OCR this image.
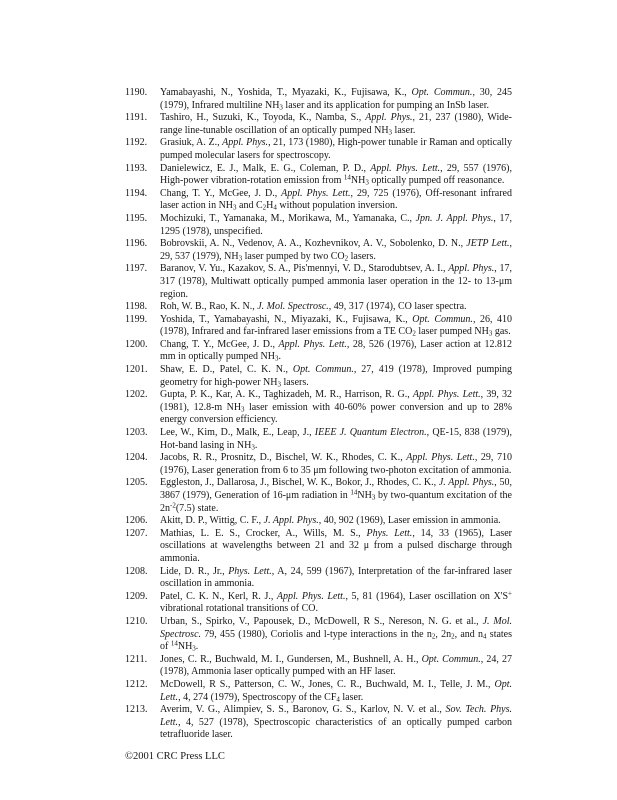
1190.	Yamabayashi, N., Yoshida, T., Myazaki, K., Fujisawa, K., Opt. Commun., 30, 245 (1979), Infrared multiline $NH_3$ laser and its application for pumping an InSb laser.
1191.	Tashiro, H., Suzuki, K., Toyoda, K., Namba, S., Appl. Phys., 21, 237 (1980), Wide-range line-tunable oscillation of an optically pumped $NH_3$ laser.
1192.	Grasiuk, A. Z., Appl. Phys., 21, 173 (1980), High-power tunable ir Raman and optically pumped molecular lasers for spectroscopy.
1193.	Danielewicz, E. J., Malk, E. G., Coleman, P. D., Appl. Phys. Lett., 29, 557 (1976), High-power vibration-rotation emission from $^{14}NH_3$ optically pumped off reasonance.
1194.	Chang, T. Y., McGee, J. D., Appl. Phys. Lett., 29, 725 (1976), Off-resonant infrared laser action in $NH_3$ and $C_2H_4$ without population inversion.
1195.	Mochizuki, T., Yamanaka, M., Morikawa, M., Yamanaka, C., Jpn. J. Appl. Phys., 17, 1295 (1978), unspecified.
1196.	Bobrovskii, A. N., Vedenov, A. A., Kozhevnikov, A. V., Sobolenko, D. N., JETP Lett., 29, 537 (1979), $NH_3$ laser pumped by two $CO_2$ lasers.
1197.	Baranov, V. Yu., Kazakov, S. A., Pis'mennyi, V. D., Starodubtsev, A. I., Appl. Phys., 17, 317 (1978), Multiwatt optically pumped ammonia laser operation in the 12- to 13-μm region.
1198.	Roh, W. B., Rao, K. N., J. Mol. Spectrosc., 49, 317 (1974), CO laser spectra.
1199.	Yoshida, T., Yamabayashi, N., Miyazaki, K., Fujisawa, K., Opt. Commun., 26, 410 (1978), Infrared and far-infrared laser emissions from a TE $CO_2$ laser pumped $NH_3$ gas.
1200.	Chang, T. Y., McGee, J. D., Appl. Phys. Lett., 28, 526 (1976), Laser action at 12.812 mm in optically pumped $NH_3$.
1201.	Shaw, E. D., Patel, C. K. N., Opt. Commun., 27, 419 (1978), Improved pumping geometry for high-power $NH_3$ lasers.
1202.	Gupta, P. K., Kar, A. K., Taghizadeh, M. R., Harrison, R. G., Appl. Phys. Lett., 39, 32 (1981), 12.8-m $NH_3$ laser emission with 40-60% power conversion and up to 28% energy conversion efficiency.
1203.	Lee, W., Kim, D., Malk, E., Leap, J., IEEE J. Quantum Electron., QE-15, 838 (1979), Hot-band lasing in $NH_3$.
1204.	Jacobs, R. R., Prosnitz, D., Bischel, W. K., Rhodes, C. K., Appl. Phys. Lett., 29, 710 (1976), Laser generation from 6 to 35 μm following two-photon excitation of ammonia.
1205.	Eggleston, J., Dallarosa, J., Bischel, W. K., Bokor, J., Rhodes, C. K., J. Appl. Phys., 50, 3867 (1979), Generation of 16-μm radiation in $^{14}NH_3$ by two-quantum excitation of the $2n^{-2}(7.5)$ state.
1206.	Akitt, D. P., Wittig, C. F., J. Appl. Phys., 40, 902 (1969), Laser emission in ammonia.
1207.	Mathias, L. E. S., Crocker, A., Wills, M. S., Phys. Lett., 14, 33 (1965), Laser oscillations at wavelengths between 21 and 32 μ from a pulsed discharge through ammonia.
1208.	Lide, D. R., Jr., Phys. Lett., A, 24, 599 (1967), Interpretation of the far-infrared laser oscillation in ammonia.
1209.	Patel, C. K. N., Kerl, R. J., Appl. Phys. Lett., 5, 81 (1964), Laser oscillation on X'S+ vibrational rotational transitions of CO.
1210.	Urban, S., Spirko, V., Papousek, D., McDowell, R S., Nereson, N. G. et al., J. Mol. Spectrosc. 79, 455 (1980), Coriolis and l-type interactions in the $n_2$, $2n_2$, and $n_4$ states of $^{14}NH_3$.
1211.	Jones, C. R., Buchwald, M. I., Gundersen, M., Bushnell, A. H., Opt. Commun., 24, 27 (1978), Ammonia laser optically pumped with an HF laser.
1212.	McDowell, R S., Patterson, C. W., Jones, C. R., Buchwald, M. I., Telle, J. M., Opt. Lett., 4, 274 (1979), Spectroscopy of the $CF_4$ laser.
1213.	Averim, V. G., Alimpiev, S. S., Baronov, G. S., Karlov, N. V. et al., Sov. Tech. Phys. Lett., 4, 527 (1978), Spectroscopic characteristics of an optically pumped carbon tetrafluoride laser.
©2001 CRC Press LLC
